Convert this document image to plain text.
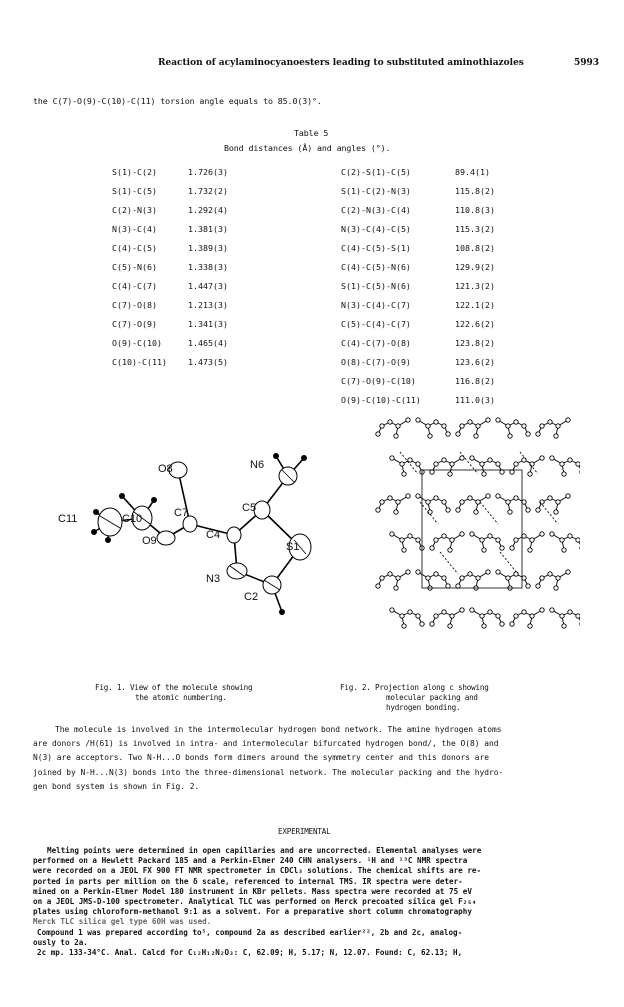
Reaction of acylaminocyanoesters leading to substituted aminothiazoles	5993
the C(7)-O(9)-C(10)-C(11) torsion angle equals to 85.0(3)°.
Table 5
Bond distances (Å) and angles (°).
S(1)-C(2)	1.726(3)
S(1)-C(5)	1.732(2)
C(2)-N(3)	1.292(4)
N(3)-C(4)	1.381(3)
C(4)-C(5)	1.389(3)
C(5)-N(6)	1.338(3)
C(4)-C(7)	1.447(3)
C(7)-O(8)	1.213(3)
C(7)-O(9)	1.341(3)
O(9)-C(10)	1.465(4)
C(10)-C(11)	1.473(5)
C(2)-S(1)-C(5)	89.4(1)
S(1)-C(2)-N(3)	115.8(2)
C(2)-N(3)-C(4)	110.8(3)
N(3)-C(4)-C(5)	115.3(2)
C(4)-C(5)-S(1)	108.8(2)
C(4)-C(5)-N(6)	129.9(2)
S(1)-C(5)-N(6)	121.3(2)
N(3)-C(4)-C(7)	122.1(2)
C(5)-C(4)-C(7)	122.6(2)
C(4)-C(7)-O(8)	123.8(2)
O(8)-C(7)-O(9)	123.6(2)
C(7)-O(9)-C(10)	116.8(2)
O(9)-C(10)-C(11)	111.0(3)
C11	C10
O9
C7
O8
C4
C5
N6
S1
N3
C2
Fig. 1. View of the molecule showing
the atomic numbering.
Fig. 2. Projection along c showing
molecular packing and
hydrogen bonding.
The molecule is involved in the intermolecular hydrogen bond network. The amine hydrogen atoms
are donors /H(61) is involved in intra- and intermolecular bifurcated hydrogen bond/, the O(8) and
N(3) are acceptors. Two N-H...O bonds form dimers around the symmetry center and this donors are
joined by N-H...N(3) bonds into the three-dimensional network. The molecular packing and the hydro-
gen bond system is shown in Fig. 2.
EXPERIMENTAL
Melting points were determined in open capillaries and are uncorrected. Elemental analyses were
performed on a Hewlett Packard 185 and a Perkin-Elmer 240 CHN analysers. ¹H and ¹³C NMR spectra
were recorded on a JEOL FX 900 FT NMR spectrometer in CDCl₃ solutions. The chemical shifts are re-
ported in parts per million on the δ scale, referenced to internal TMS. IR spectra were deter-
mined on a Perkin-Elmer Model 180 instrument in KBr pellets. Mass spectra were recorded at 75 eV
on a JEOL JMS-D-100 spectrometer. Analytical TLC was performed on Merck precoated silica gel F₂₅₄
plates using chloroform-methanol 9:1 as a solvent. For a preparative short column chromatography
Merck TLC silica gel type 60H was used.
Compound 1 was prepared according to⁵, compound 2a as described earlier²², 2b and 2c, analog-
ously to 2a.
2c mp. 133-34°C. Anal. Calcd for C₁₂H₁₂N₂O₃: C, 62.09; H, 5.17; N, 12.07. Found: C, 62.13; H,
